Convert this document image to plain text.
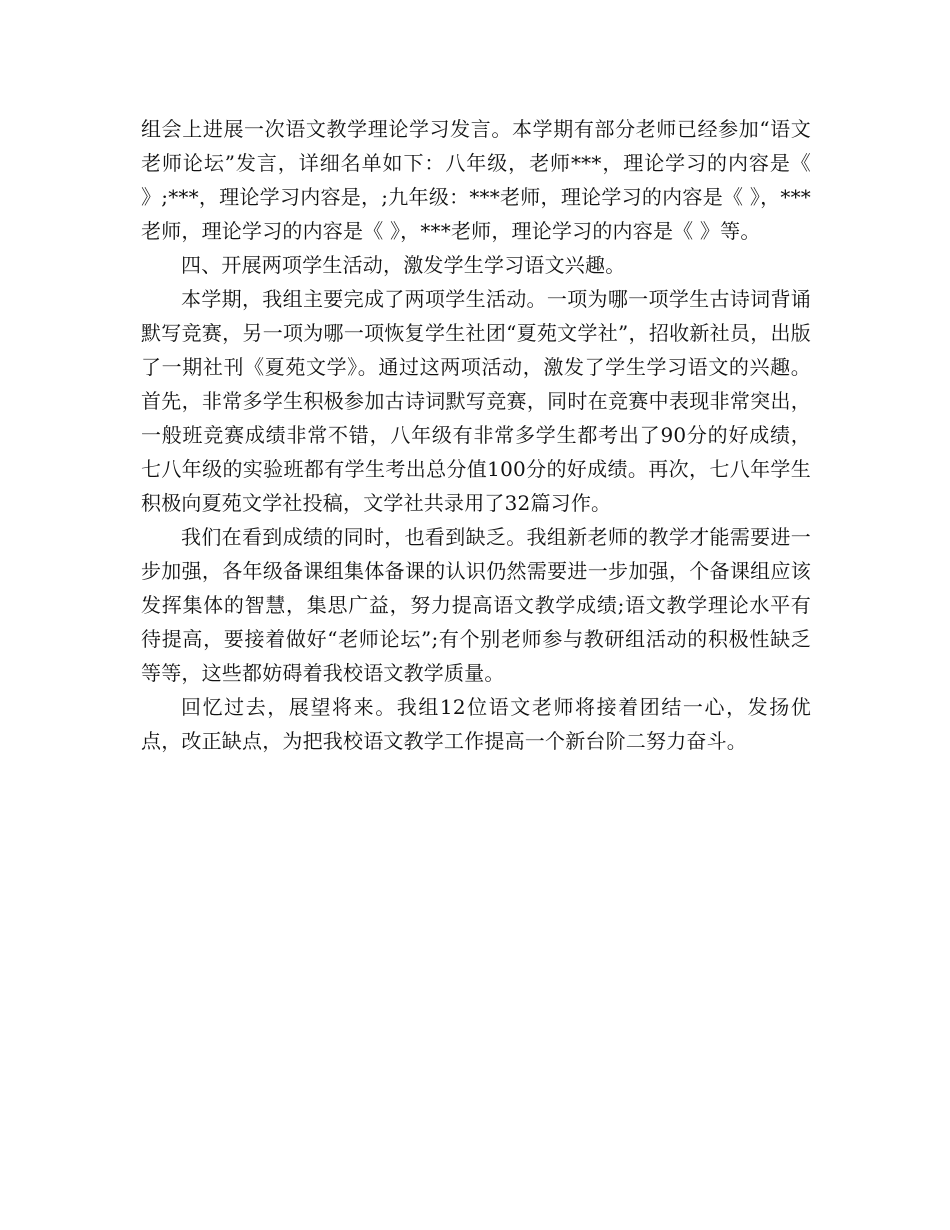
组会上进展一次语文教学理论学习发言。本学期有部分老师已经参加“语文老师论坛”发言，详细名单如下：八年级，老师***，理论学习的内容是《 》;***，理论学习内容是，;九年级：***老师，理论学习的内容是《 》，***老师，理论学习的内容是《 》，***老师，理论学习的内容是《 》等。

四、开展两项学生活动，激发学生学习语文兴趣。

本学期，我组主要完成了两项学生活动。一项为哪一项学生古诗词背诵默写竞赛，另一项为哪一项恢复学生社团“夏苑文学社”，招收新社员，出版了一期社刊《夏苑文学》。通过这两项活动，激发了学生学习语文的兴趣。首先，非常多学生积极参加古诗词默写竞赛，同时在竞赛中表现非常突出，一般班竞赛成绩非常不错，八年级有非常多学生都考出了90分的好成绩，七八年级的实验班都有学生考出总分值100分的好成绩。再次，七八年学生积极向夏苑文学社投稿，文学社共录用了32篇习作。

我们在看到成绩的同时，也看到缺乏。我组新老师的教学才能需要进一步加强，各年级备课组集体备课的认识仍然需要进一步加强，个备课组应该发挥集体的智慧，集思广益，努力提高语文教学成绩;语文教学理论水平有待提高，要接着做好“老师论坛”;有个别老师参与教研组活动的积极性缺乏等等，这些都妨碍着我校语文教学质量。

回忆过去，展望将来。我组12位语文老师将接着团结一心，发扬优点，改正缺点，为把我校语文教学工作提高一个新台阶二努力奋斗。
